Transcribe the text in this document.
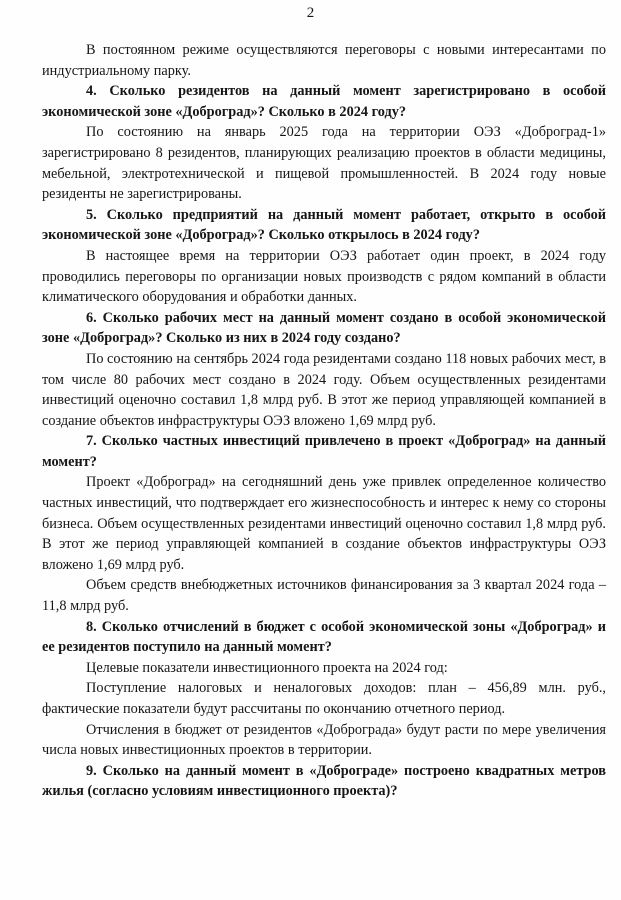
2

В постоянном режиме осуществляются переговоры с новыми интересантами по индустриальному парку.

4. Сколько резидентов на данный момент зарегистрировано в особой экономической зоне «Доброград»? Сколько в 2024 году?

По состоянию на январь 2025 года на территории ОЭЗ «Доброград-1» зарегистрировано 8 резидентов, планирующих реализацию проектов в области медицины, мебельной, электротехнической и пищевой промышленностей. В 2024 году новые резиденты не зарегистрированы.

5. Сколько предприятий на данный момент работает, открыто в особой экономической зоне «Доброград»? Сколько открылось в 2024 году?

В настоящее время на территории ОЭЗ работает один проект, в 2024 году проводились переговоры по организации новых производств с рядом компаний в области климатического оборудования и обработки данных.

6. Сколько рабочих мест на данный момент создано в особой экономической зоне «Доброград»? Сколько из них в 2024 году создано?

По состоянию на сентябрь 2024 года резидентами создано 118 новых рабочих мест, в том числе 80 рабочих мест создано в 2024 году. Объем осуществленных резидентами инвестиций оценочно составил 1,8 млрд руб. В этот же период управляющей компанией в создание объектов инфраструктуры ОЭЗ вложено 1,69 млрд руб.

7. Сколько частных инвестиций привлечено в проект «Доброград» на данный момент?

Проект «Доброград» на сегодняшний день уже привлек определенное количество частных инвестиций, что подтверждает его жизнеспособность и интерес к нему со стороны бизнеса. Объем осуществленных резидентами инвестиций оценочно составил 1,8 млрд руб. В этот же период управляющей компанией в создание объектов инфраструктуры ОЭЗ вложено 1,69 млрд руб.

Объем средств внебюджетных источников финансирования за 3 квартал 2024 года – 11,8 млрд руб.

8. Сколько отчислений в бюджет с особой экономической зоны «Доброград» и ее резидентов поступило на данный момент?

Целевые показатели инвестиционного проекта на 2024 год:

Поступление налоговых и неналоговых доходов: план – 456,89 млн. руб., фактические показатели будут рассчитаны по окончанию отчетного период.

Отчисления в бюджет от резидентов «Доброграда» будут расти по мере увеличения числа новых инвестиционных проектов в территории.

9. Сколько на данный момент в «Доброграде» построено квадратных метров жилья (согласно условиям инвестиционного проекта)?
